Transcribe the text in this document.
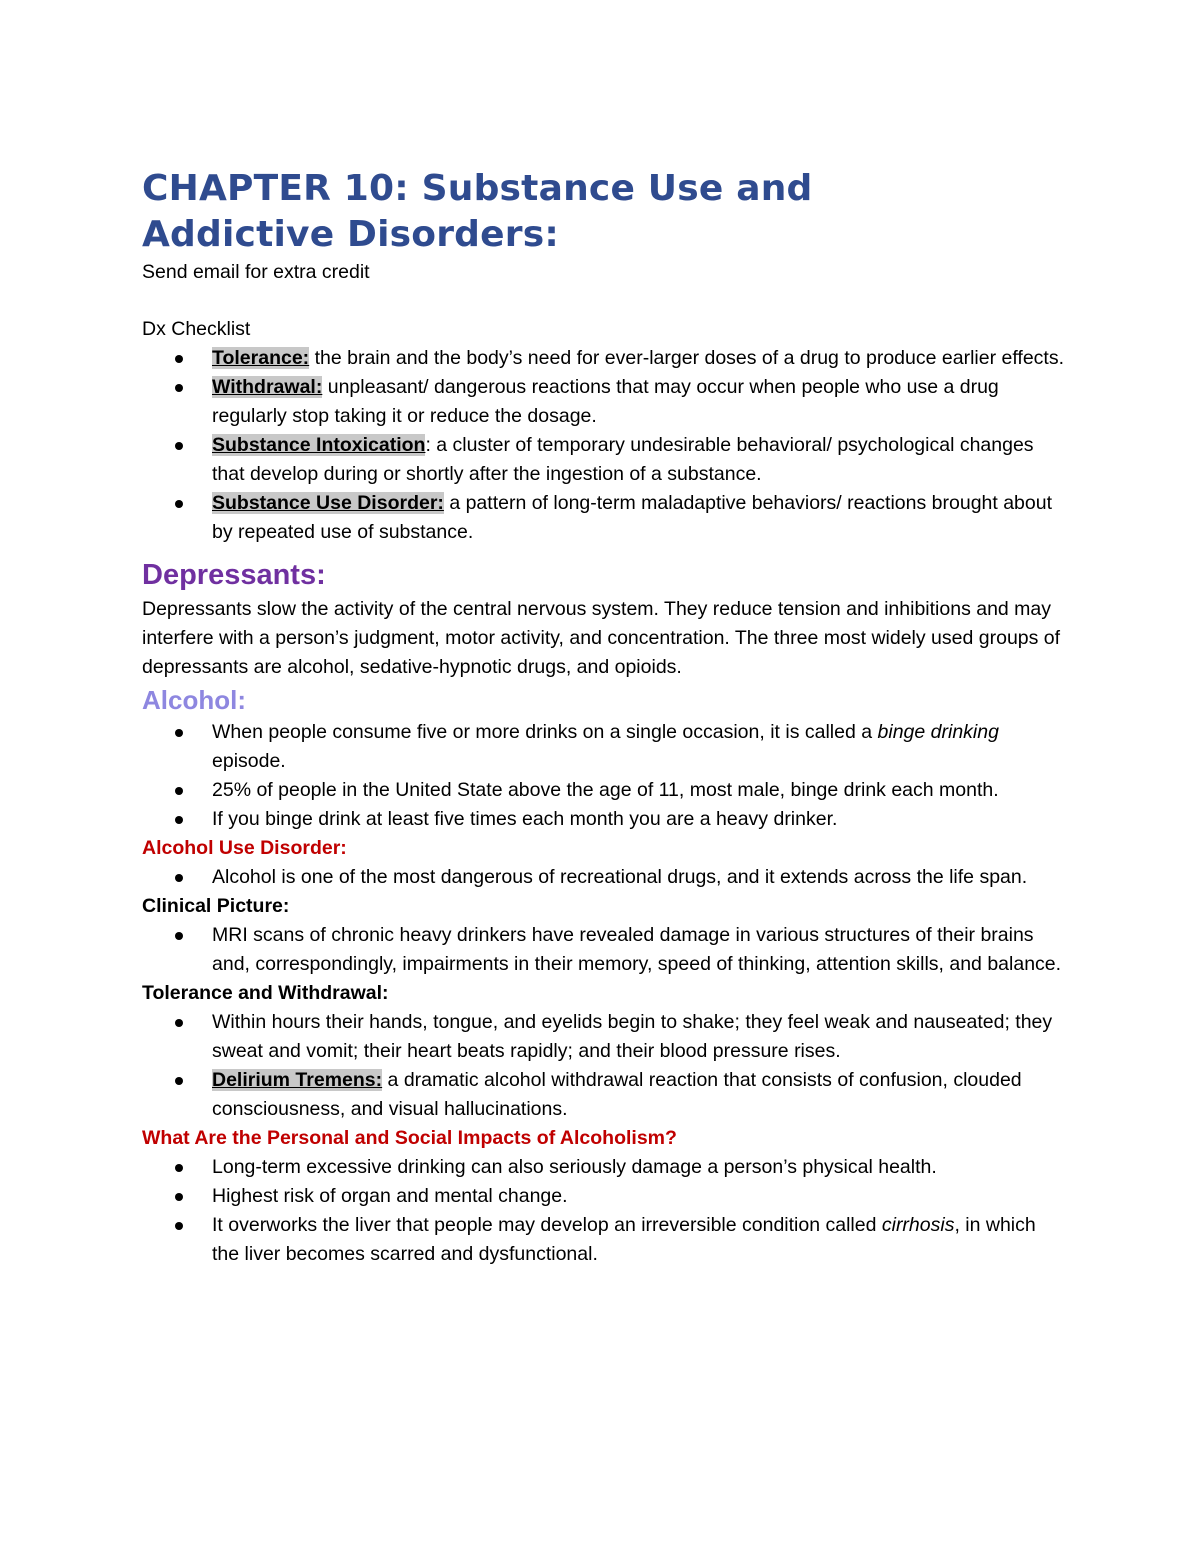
CHAPTER 10: Substance Use and
Addictive Disorders:

Send email for extra credit

Dx Checklist

Tolerance: the brain and the body’s need for ever-larger doses of a drug to produce earlier effects.
Withdrawal: unpleasant/ dangerous reactions that may occur when people who use a drug regularly stop taking it or reduce the dosage.
Substance Intoxication: a cluster of temporary undesirable behavioral/ psychological changes that develop during or shortly after the ingestion of a substance.
Substance Use Disorder: a pattern of long-term maladaptive behaviors/ reactions brought about by repeated use of substance.
Depressants:

Depressants slow the activity of the central nervous system. They reduce tension and inhibitions and may interfere with a person’s judgment, motor activity, and concentration. The three most widely used groups of depressants are alcohol, sedative-hypnotic drugs, and opioids.

Alcohol:
When people consume five or more drinks on a single occasion, it is called a binge drinking episode.
25% of people in the United State above the age of 11, most male, binge drink each month.
If you binge drink at least five times each month you are a heavy drinker.
Alcohol Use Disorder:
Alcohol is one of the most dangerous of recreational drugs, and it extends across the life span.
Clinical Picture:
MRI scans of chronic heavy drinkers have revealed damage in various structures of their brains and, correspondingly, impairments in their memory, speed of thinking, attention skills, and balance.
Tolerance and Withdrawal:
Within hours their hands, tongue, and eyelids begin to shake; they feel weak and nauseated; they sweat and vomit; their heart beats rapidly; and their blood pressure rises.
Delirium Tremens: a dramatic alcohol withdrawal reaction that consists of confusion, clouded consciousness, and visual hallucinations.
What Are the Personal and Social Impacts of Alcoholism?
Long-term excessive drinking can also seriously damage a person’s physical health.
Highest risk of organ and mental change.
It overworks the liver that people may develop an irreversible condition called cirrhosis, in which the liver becomes scarred and dysfunctional.
